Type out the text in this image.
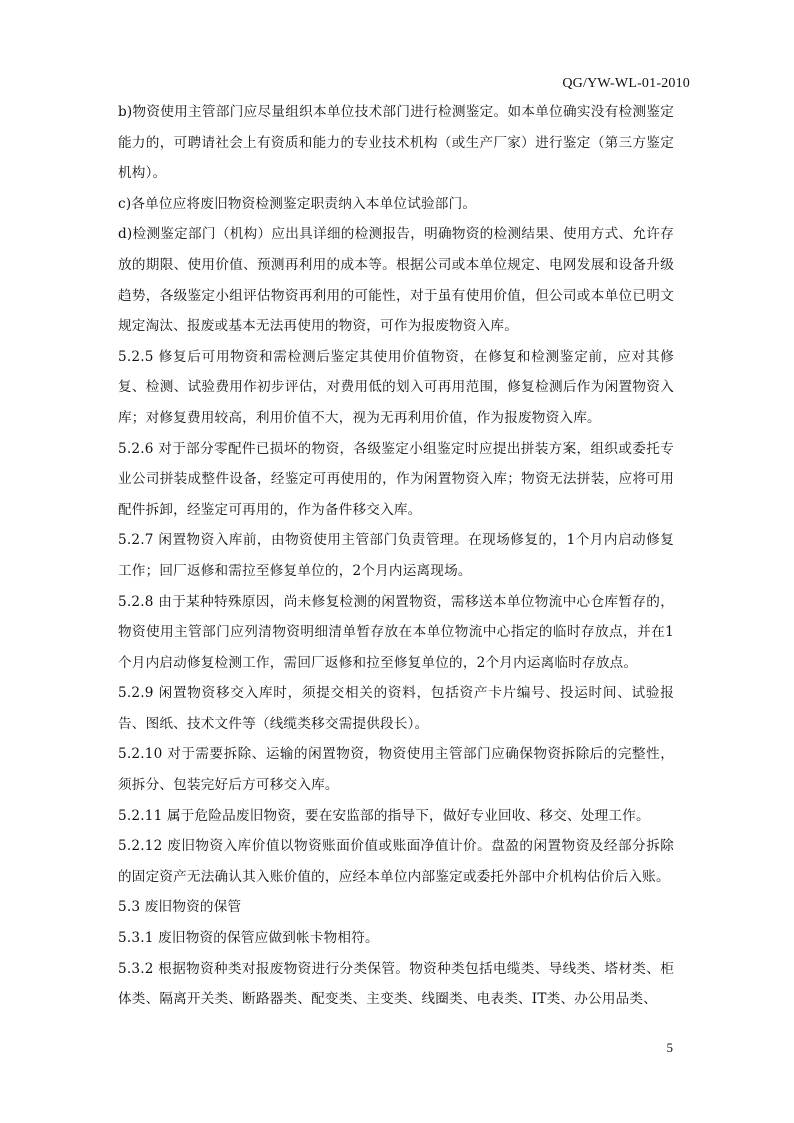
QG/YW-WL-01-2010

b)物资使用主管部门应尽量组织本单位技术部门进行检测鉴定。如本单位确实没有检测鉴定能力的，可聘请社会上有资质和能力的专业技术机构（或生产厂家）进行鉴定（第三方鉴定机构）。

c)各单位应将废旧物资检测鉴定职责纳入本单位试验部门。

d)检测鉴定部门（机构）应出具详细的检测报告，明确物资的检测结果、使用方式、允许存放的期限、使用价值、预测再利用的成本等。根据公司或本单位规定、电网发展和设备升级趋势，各级鉴定小组评估物资再利用的可能性，对于虽有使用价值，但公司或本单位已明文规定淘汰、报废或基本无法再使用的物资，可作为报废物资入库。

5.2.5 修复后可用物资和需检测后鉴定其使用价值物资，在修复和检测鉴定前，应对其修复、检测、试验费用作初步评估，对费用低的划入可再用范围，修复检测后作为闲置物资入库；对修复费用较高，利用价值不大，视为无再利用价值，作为报废物资入库。

5.2.6 对于部分零配件已损坏的物资，各级鉴定小组鉴定时应提出拼装方案，组织或委托专业公司拼装成整件设备，经鉴定可再使用的，作为闲置物资入库；物资无法拼装，应将可用配件拆卸，经鉴定可再用的，作为备件移交入库。

5.2.7 闲置物资入库前，由物资使用主管部门负责管理。在现场修复的，1个月内启动修复工作；回厂返修和需拉至修复单位的，2个月内运离现场。

5.2.8 由于某种特殊原因，尚未修复检测的闲置物资，需移送本单位物流中心仓库暂存的，物资使用主管部门应列清物资明细清单暂存放在本单位物流中心指定的临时存放点，并在1个月内启动修复检测工作，需回厂返修和拉至修复单位的，2个月内运离临时存放点。

5.2.9 闲置物资移交入库时，须提交相关的资料，包括资产卡片编号、投运时间、试验报告、图纸、技术文件等（线缆类移交需提供段长）。

5.2.10 对于需要拆除、运输的闲置物资，物资使用主管部门应确保物资拆除后的完整性，须拆分、包装完好后方可移交入库。

5.2.11 属于危险品废旧物资，要在安监部的指导下，做好专业回收、移交、处理工作。

5.2.12 废旧物资入库价值以物资账面价值或账面净值计价。盘盈的闲置物资及经部分拆除的固定资产无法确认其入账价值的，应经本单位内部鉴定或委托外部中介机构估价后入账。

5.3 废旧物资的保管

5.3.1 废旧物资的保管应做到帐卡物相符。

5.3.2 根据物资种类对报废物资进行分类保管。物资种类包括电缆类、导线类、塔材类、柜体类、隔离开关类、断路器类、配变类、主变类、线圈类、电表类、IT类、办公用品类、

5
